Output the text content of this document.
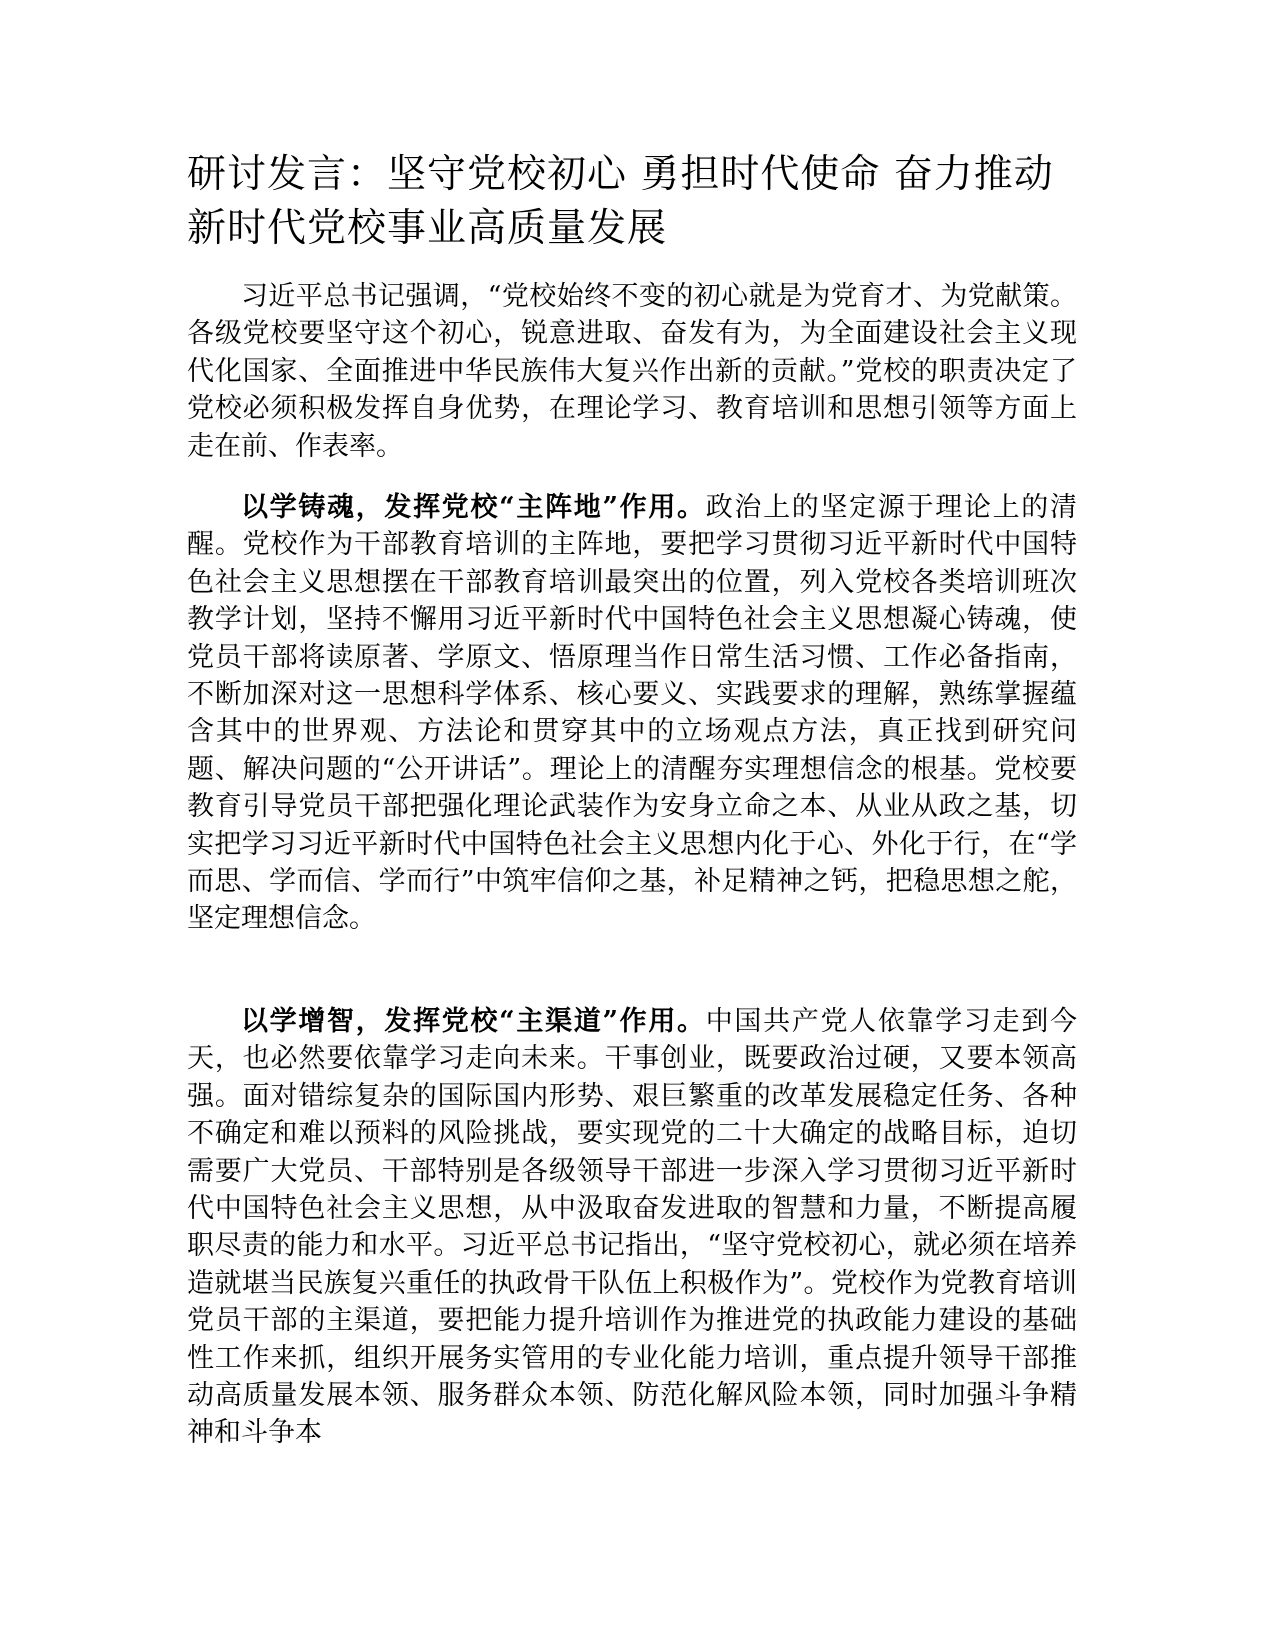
研讨发言：坚守党校初心 勇担时代使命 奋力推动新时代党校事业高质量发展

习近平总书记强调，“党校始终不变的初心就是为党育才、为党献策。各级党校要坚守这个初心，锐意进取、奋发有为，为全面建设社会主义现代化国家、全面推进中华民族伟大复兴作出新的贡献。”党校的职责决定了党校必须积极发挥自身优势，在理论学习、教育培训和思想引领等方面上走在前、作表率。

以学铸魂，发挥党校“主阵地”作用。政治上的坚定源于理论上的清醒。党校作为干部教育培训的主阵地，要把学习贯彻习近平新时代中国特色社会主义思想摆在干部教育培训最突出的位置，列入党校各类培训班次教学计划，坚持不懈用习近平新时代中国特色社会主义思想凝心铸魂，使党员干部将读原著、学原文、悟原理当作日常生活习惯、工作必备指南，不断加深对这一思想科学体系、核心要义、实践要求的理解，熟练掌握蕴含其中的世界观、方法论和贯穿其中的立场观点方法，真正找到研究问题、解决问题的“公开讲话”。理论上的清醒夯实理想信念的根基。党校要教育引导党员干部把强化理论武装作为安身立命之本、从业从政之基，切实把学习习近平新时代中国特色社会主义思想内化于心、外化于行，在“学而思、学而信、学而行”中筑牢信仰之基，补足精神之钙，把稳思想之舵，坚定理想信念。

以学增智，发挥党校“主渠道”作用。中国共产党人依靠学习走到今天，也必然要依靠学习走向未来。干事创业，既要政治过硬，又要本领高强。面对错综复杂的国际国内形势、艰巨繁重的改革发展稳定任务、各种不确定和难以预料的风险挑战，要实现党的二十大确定的战略目标，迫切需要广大党员、干部特别是各级领导干部进一步深入学习贯彻习近平新时代中国特色社会主义思想，从中汲取奋发进取的智慧和力量，不断提高履职尽责的能力和水平。习近平总书记指出，“坚守党校初心，就必须在培养造就堪当民族复兴重任的执政骨干队伍上积极作为”。党校作为党教育培训党员干部的主渠道，要把能力提升培训作为推进党的执政能力建设的基础性工作来抓，组织开展务实管用的专业化能力培训，重点提升领导干部推动高质量发展本领、服务群众本领、防范化解风险本领，同时加强斗争精神和斗争本
